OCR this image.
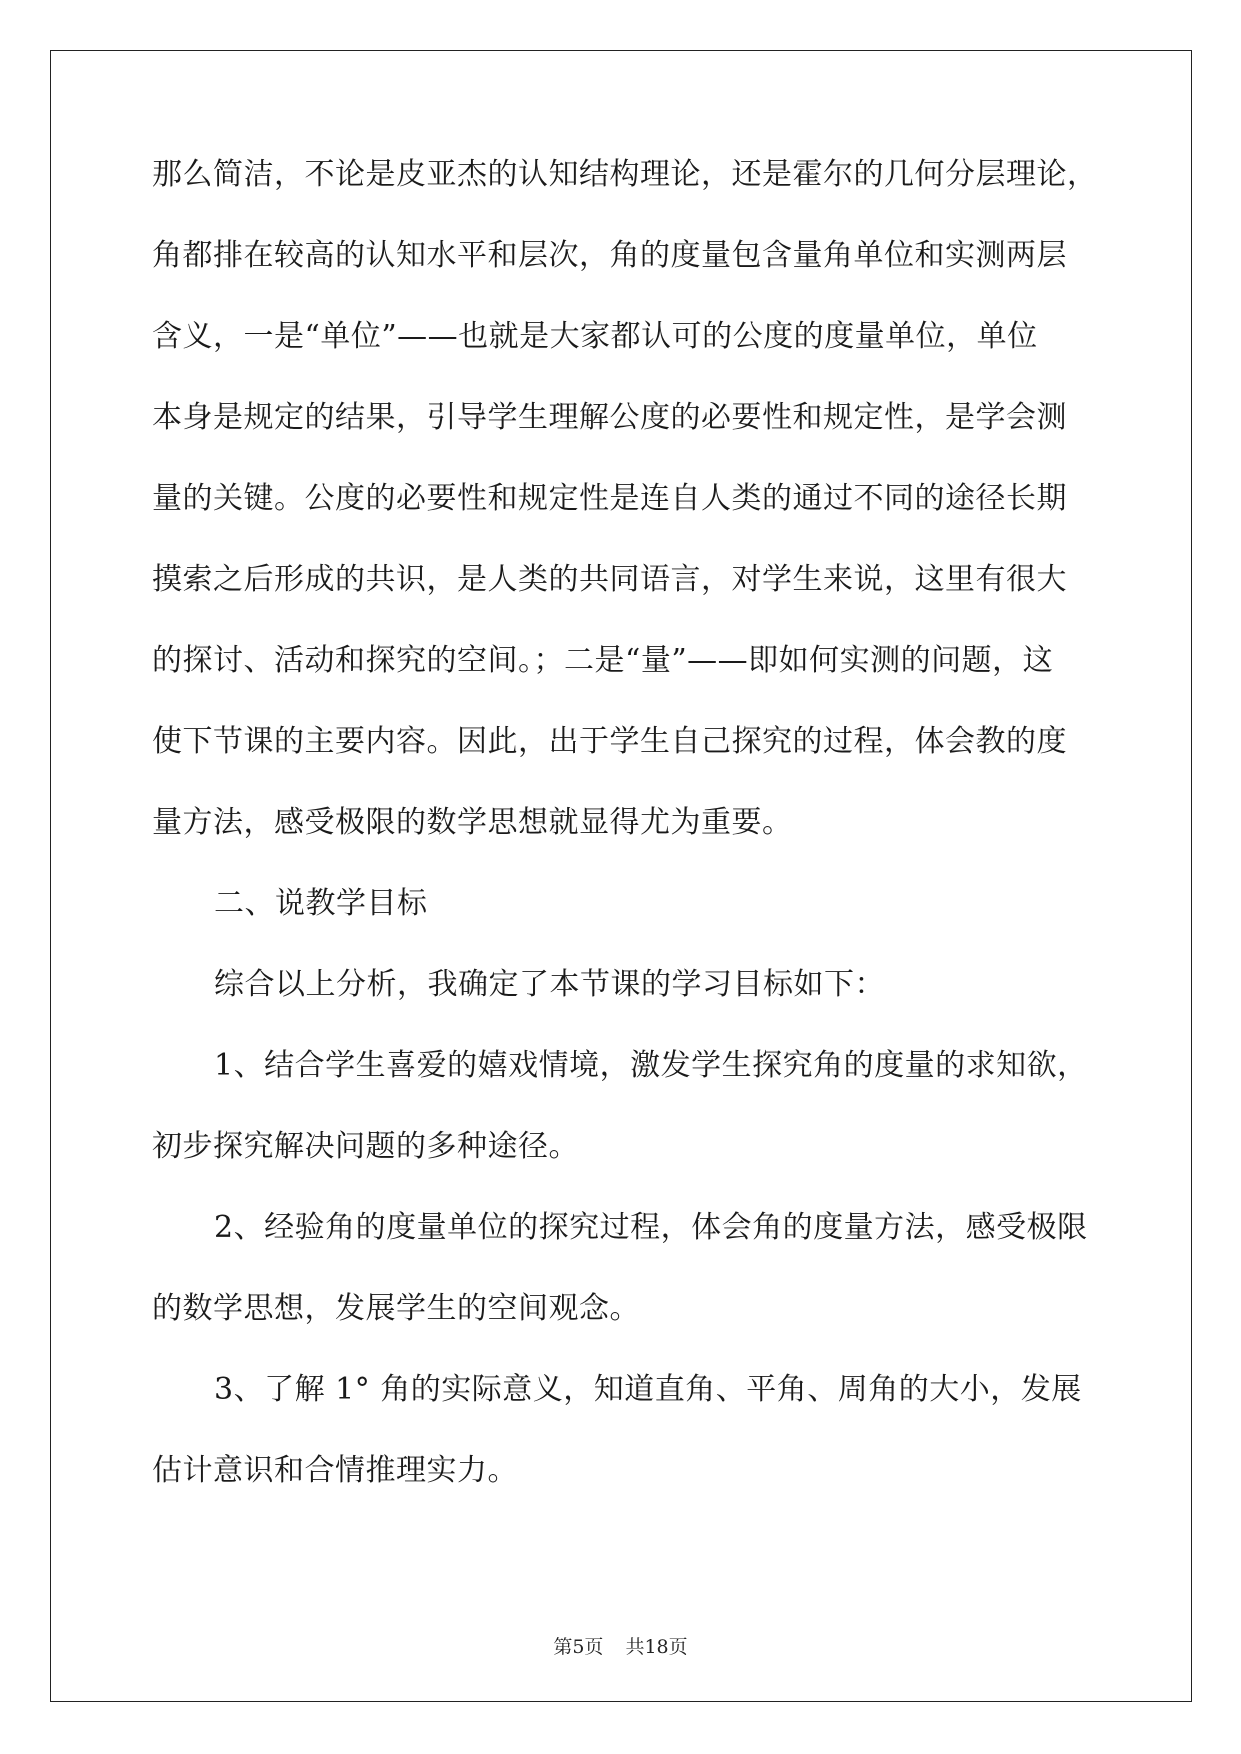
那么简洁，不论是皮亚杰的认知结构理论，还是霍尔的几何分层理论，

角都排在较高的认知水平和层次，角的度量包含量角单位和实测两层

含义，一是“单位”——也就是大家都认可的公度的度量单位，单位

本身是规定的结果，引导学生理解公度的必要性和规定性，是学会测

量的关键。公度的必要性和规定性是连自人类的通过不同的途径长期

摸索之后形成的共识，是人类的共同语言，对学生来说，这里有很大

的探讨、活动和探究的空间。；二是“量”——即如何实测的问题，这

使下节课的主要内容。因此，出于学生自己探究的过程，体会教的度

量方法，感受极限的数学思想就显得尤为重要。

二、说教学目标

综合以上分析，我确定了本节课的学习目标如下：

1、结合学生喜爱的嬉戏情境，激发学生探究角的度量的求知欲，

初步探究解决问题的多种途径。

2、经验角的度量单位的探究过程，体会角的度量方法，感受极限

的数学思想，发展学生的空间观念。

3、了解 1° 角的实际意义，知道直角、平角、周角的大小，发展

估计意识和合情推理实力。

第5页 共18页
